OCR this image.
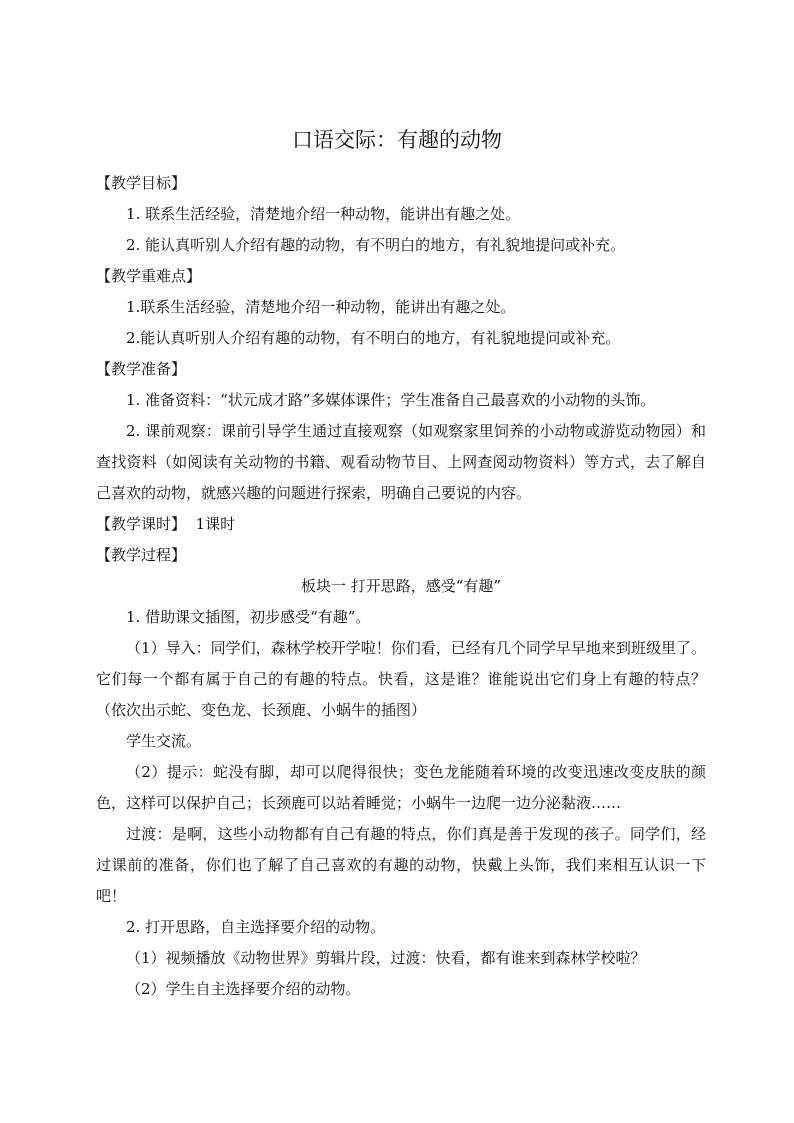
口语交际：有趣的动物

【教学目标】

1. 联系生活经验，清楚地介绍一种动物，能讲出有趣之处。

2. 能认真听别人介绍有趣的动物，有不明白的地方，有礼貌地提问或补充。

【教学重难点】

1.联系生活经验，清楚地介绍一种动物，能讲出有趣之处。

2.能认真听别人介绍有趣的动物，有不明白的地方，有礼貌地提问或补充。

【教学准备】

1. 准备资料：“状元成才路”多媒体课件；学生准备自己最喜欢的小动物的头饰。

2. 课前观察：课前引导学生通过直接观察（如观察家里饲养的小动物或游览动物园）和查找资料（如阅读有关动物的书籍、观看动物节目、上网查阅动物资料）等方式，去了解自己喜欢的动物，就感兴趣的问题进行探索，明确自己要说的内容。

【教学课时】 1课时

【教学过程】

板块一 打开思路，感受“有趣”

1. 借助课文插图，初步感受“有趣”。

（1）导入：同学们，森林学校开学啦！你们看，已经有几个同学早早地来到班级里了。它们每一个都有属于自己的有趣的特点。快看，这是谁？谁能说出它们身上有趣的特点？（依次出示蛇、变色龙、长颈鹿、小蜗牛的插图）

学生交流。

（2）提示：蛇没有脚，却可以爬得很快；变色龙能随着环境的改变迅速改变皮肤的颜色，这样可以保护自己；长颈鹿可以站着睡觉；小蜗牛一边爬一边分泌黏液……

过渡：是啊，这些小动物都有自己有趣的特点，你们真是善于发现的孩子。同学们，经过课前的准备，你们也了解了自己喜欢的有趣的动物，快戴上头饰，我们来相互认识一下吧！

2. 打开思路，自主选择要介绍的动物。

（1）视频播放《动物世界》剪辑片段，过渡：快看，都有谁来到森林学校啦？

（2）学生自主选择要介绍的动物。
